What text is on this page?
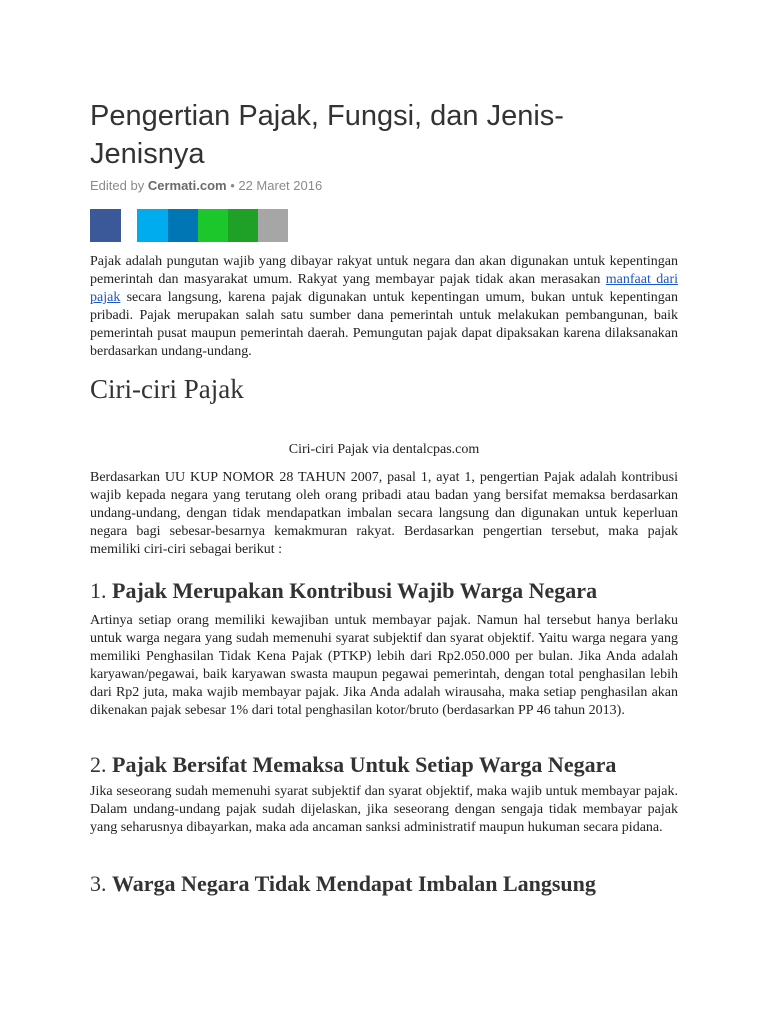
Pengertian Pajak, Fungsi, dan Jenis-Jenisnya
Edited by Cermati.com • 22 Maret 2016

Pajak adalah pungutan wajib yang dibayar rakyat untuk negara dan akan digunakan untuk kepentingan pemerintah dan masyarakat umum. Rakyat yang membayar pajak tidak akan merasakan manfaat dari pajak secara langsung, karena pajak digunakan untuk kepentingan umum, bukan untuk kepentingan pribadi. Pajak merupakan salah satu sumber dana pemerintah untuk melakukan pembangunan, baik pemerintah pusat maupun pemerintah daerah. Pemungutan pajak dapat dipaksakan karena dilaksanakan berdasarkan undang-undang.

Ciri-ciri Pajak
Ciri-ciri Pajak via dentalcpas.com

Berdasarkan UU KUP NOMOR 28 TAHUN 2007, pasal 1, ayat 1, pengertian Pajak adalah kontribusi wajib kepada negara yang terutang oleh orang pribadi atau badan yang bersifat memaksa berdasarkan undang-undang, dengan tidak mendapatkan imbalan secara langsung dan digunakan untuk keperluan negara bagi sebesar-besarnya kemakmuran rakyat. Berdasarkan pengertian tersebut, maka pajak memiliki ciri-ciri sebagai berikut :

1. Pajak Merupakan Kontribusi Wajib Warga Negara

Artinya setiap orang memiliki kewajiban untuk membayar pajak. Namun hal tersebut hanya berlaku untuk warga negara yang sudah memenuhi syarat subjektif dan syarat objektif. Yaitu warga negara yang memiliki Penghasilan Tidak Kena Pajak (PTKP) lebih dari Rp2.050.000 per bulan. Jika Anda adalah karyawan/pegawai, baik karyawan swasta maupun pegawai pemerintah, dengan total penghasilan lebih dari Rp2 juta, maka wajib membayar pajak. Jika Anda adalah wirausaha, maka setiap penghasilan akan dikenakan pajak sebesar 1% dari total penghasilan kotor/bruto (berdasarkan PP 46 tahun 2013).

2. Pajak Bersifat Memaksa Untuk Setiap Warga Negara

Jika seseorang sudah memenuhi syarat subjektif dan syarat objektif, maka wajib untuk membayar pajak. Dalam undang-undang pajak sudah dijelaskan, jika seseorang dengan sengaja tidak membayar pajak yang seharusnya dibayarkan, maka ada ancaman sanksi administratif maupun hukuman secara pidana.

3. Warga Negara Tidak Mendapat Imbalan Langsung
